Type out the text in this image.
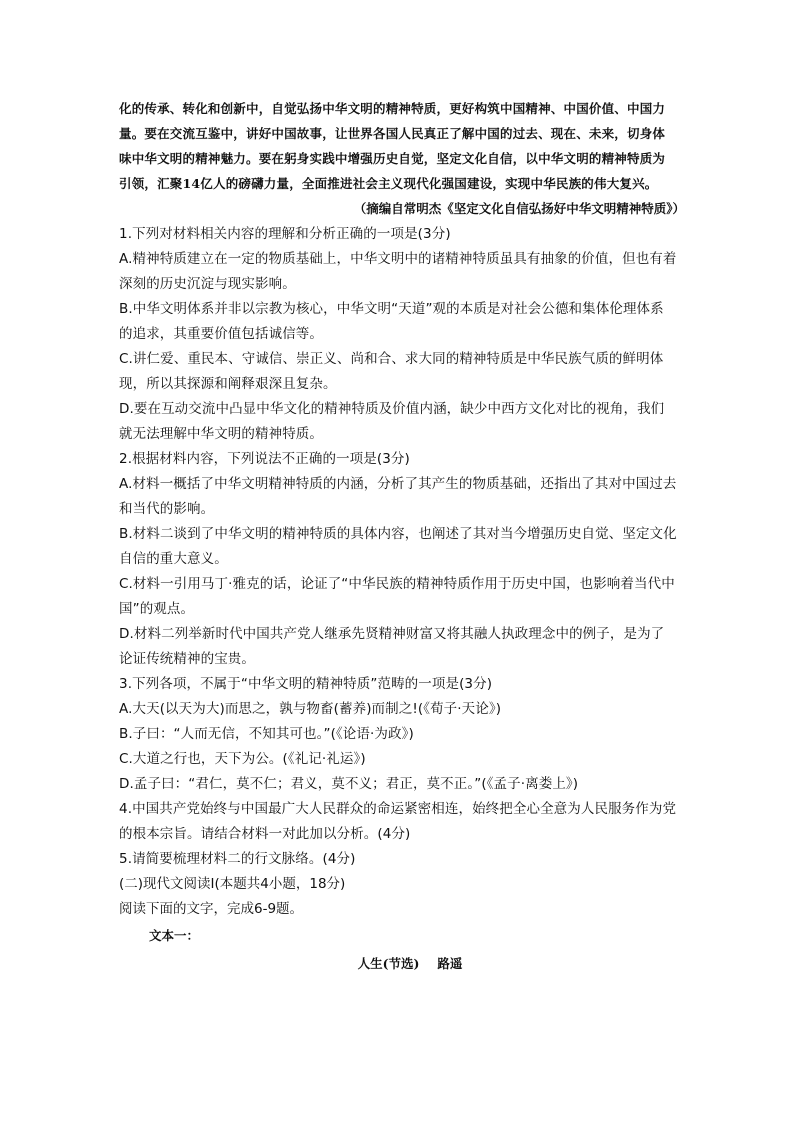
化的传承、转化和创新中，自觉弘扬中华文明的精神特质，更好构筑中国精神、中国价值、中国力量。要在交流互鉴中，讲好中国故事，让世界各国人民真正了解中国的过去、现在、未来，切身体味中华文明的精神魅力。要在躬身实践中增强历史自觉，坚定文化自信，以中华文明的精神特质为引领，汇聚14亿人的磅礴力量，全面推进社会主义现代化强国建设，实现中华民族的伟大复兴。

（摘编自常明杰《坚定文化自信弘扬好中华文明精神特质》）

1.下列对材料相关内容的理解和分析正确的一项是(3分)

A.精神特质建立在一定的物质基础上，中华文明中的诸精神特质虽具有抽象的价值，但也有着深刻的历史沉淀与现实影响。

B.中华文明体系并非以宗教为核心，中华文明“天道”观的本质是对社会公德和集体伦理体系的追求，其重要价值包括诚信等。

C.讲仁爱、重民本、守诚信、崇正义、尚和合、求大同的精神特质是中华民族气质的鲜明体现，所以其探源和阐释艰深且复杂。

D.要在互动交流中凸显中华文化的精神特质及价值内涵，缺少中西方文化对比的视角，我们就无法理解中华文明的精神特质。

2.根据材料内容，下列说法不正确的一项是(3分)

A.材料一概括了中华文明精神特质的内涵，分析了其产生的物质基础，还指出了其对中国过去和当代的影响。

B.材料二谈到了中华文明的精神特质的具体内容，也阐述了其对当今增强历史自觉、坚定文化自信的重大意义。

C.材料一引用马丁·雅克的话，论证了“中华民族的精神特质作用于历史中国，也影响着当代中国”的观点。

D.材料二列举新时代中国共产党人继承先贤精神财富又将其融人执政理念中的例子，是为了论证传统精神的宝贵。

3.下列各项，不属于“中华文明的精神特质”范畴的一项是(3分)

A.大天(以天为大)而思之，孰与物畜(蓄养)而制之!(《荀子·天论》)

B.子曰：“人而无信，不知其可也。”(《论语·为政》)

C.大道之行也，天下为公。(《礼记·礼运》)

D.孟子曰：“君仁，莫不仁；君义，莫不义；君正，莫不正。”(《孟子·离娄上》)

4.中国共产党始终与中国最广大人民群众的命运紧密相连，始终把全心全意为人民服务作为党的根本宗旨。请结合材料一对此加以分析。(4分)

5.请简要梳理材料二的行文脉络。(4分)

(二)现代文阅读I(本题共4小题，18分)

阅读下面的文字，完成6-9题。

文本一：

人生(节选) 路遥
